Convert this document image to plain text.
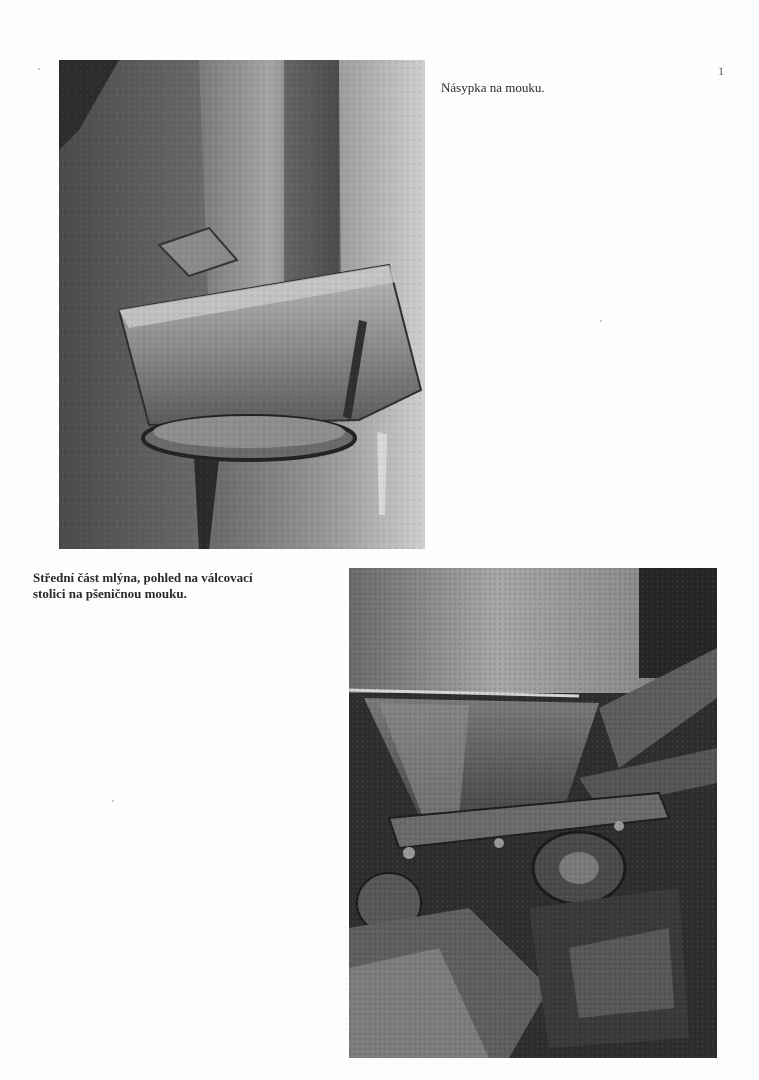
1
Násypka na mouku.
Střední část mlýna, pohled na válcovací
stolici na pšeničnou mouku.
